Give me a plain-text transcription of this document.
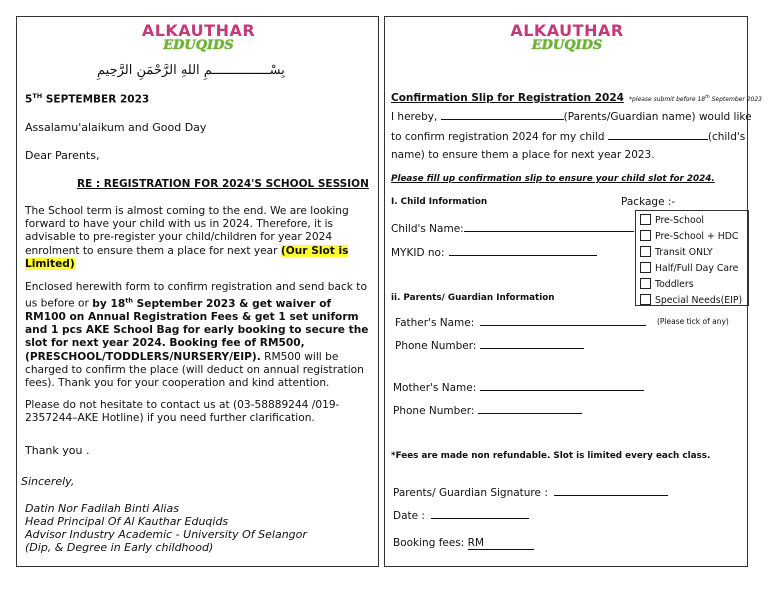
ALKAUTHAR
EDUQIDS
بِسْـــــــــــــــمِ اللهِ الرَّحْمَنِ الرَّحِيمِ
5TH SEPTEMBER 2023
Assalamu'alaikum and Good Day
Dear Parents,
RE : REGISTRATION FOR 2024'S SCHOOL SESSION
The School term is almost coming to the end. We are looking forward to have your child with us in 2024. Therefore, it is advisable to pre-register your child/children for year 2024 enrolment to ensure them a place for next year (Our Slot is Limited)
Enclosed herewith form to confirm registration and send back to us before or by 18th September 2023 & get waiver of RM100 on Annual Registration Fees & get 1 set uniform and 1 pcs AKE School Bag for early booking to secure the slot for next year 2024. Booking fee of RM500, (PRESCHOOL/TODDLERS/NURSERY/EIP). RM500 will be charged to confirm the place (will deduct on annual registration fees). Thank you for your cooperation and kind attention.
Please do not hesitate to contact us at (03-58889244 /019-2357244–AKE Hotline) if you need further clarification.
Thank you .
Sincerely,
Datin Nor Fadilah Binti Alias
Head Principal Of Al Kauthar Eduqids
Advisor Industry Academic - University Of Selangor
(Dip, & Degree in Early childhood)
ALKAUTHAR
EDUQIDS
Confirmation Slip for Registration 2024 *please submit before 18th September 2023
I hereby,	(Parents/Guardian name) would like
to confirm registration 2024 for my child	(child's
name) to ensure them a place for next year 2023.
Please fill up confirmation slip to ensure your child slot for 2024.
I. Child Information	Package :-
Child's Name:
MYKID no:
Pre-School
Pre-School + HDC
Transit ONLY
Half/Full Day Care
Toddlers
Special Needs(EIP)
ii. Parents/ Guardian Information
(Please tick of any)
Father's Name:
Phone Number:
Mother's Name:
Phone Number:
*Fees are made non refundable. Slot is limited every each class.
Parents/ Guardian Signature :
Date :
Booking fees: RM
